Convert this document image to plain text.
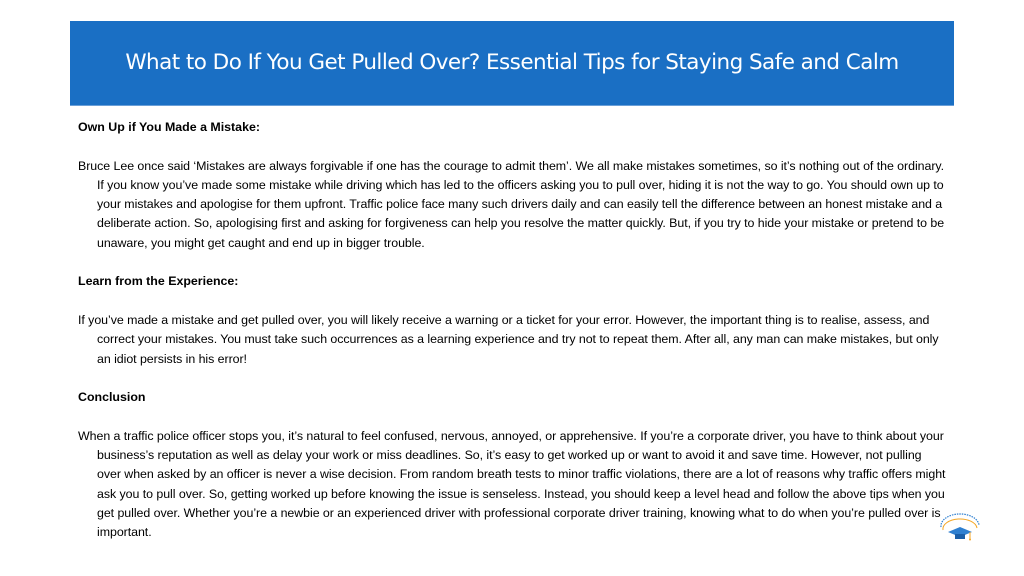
What to Do If You Get Pulled Over? Essential Tips for Staying Safe and Calm

Own Up if You Made a Mistake:

Bruce Lee once said ‘Mistakes are always forgivable if one has the courage to admit them’. We all make mistakes sometimes, so it’s nothing out of the ordinary. If you know you’ve made some mistake while driving which has led to the officers asking you to pull over, hiding it is not the way to go. You should own up to your mistakes and apologise for them upfront. Traffic police face many such drivers daily and can easily tell the difference between an honest mistake and a deliberate action. So, apologising first and asking for forgiveness can help you resolve the matter quickly. But, if you try to hide your mistake or pretend to be unaware, you might get caught and end up in bigger trouble.

Learn from the Experience:

If you’ve made a mistake and get pulled over, you will likely receive a warning or a ticket for your error. However, the important thing is to realise, assess, and correct your mistakes. You must take such occurrences as a learning experience and try not to repeat them. After all, any man can make mistakes, but only an idiot persists in his error!

Conclusion

When a traffic police officer stops you, it’s natural to feel confused, nervous, annoyed, or apprehensive. If you’re a corporate driver, you have to think about your business’s reputation as well as delay your work or miss deadlines. So, it’s easy to get worked up or want to avoid it and save time. However, not pulling over when asked by an officer is never a wise decision. From random breath tests to minor traffic violations, there are a lot of reasons why traffic offers might ask you to pull over. So, getting worked up before knowing the issue is senseless. Instead, you should keep a level head and follow the above tips when you get pulled over. Whether you’re a newbie or an experienced driver with professional corporate driver training, knowing what to do when you’re pulled over is important.
